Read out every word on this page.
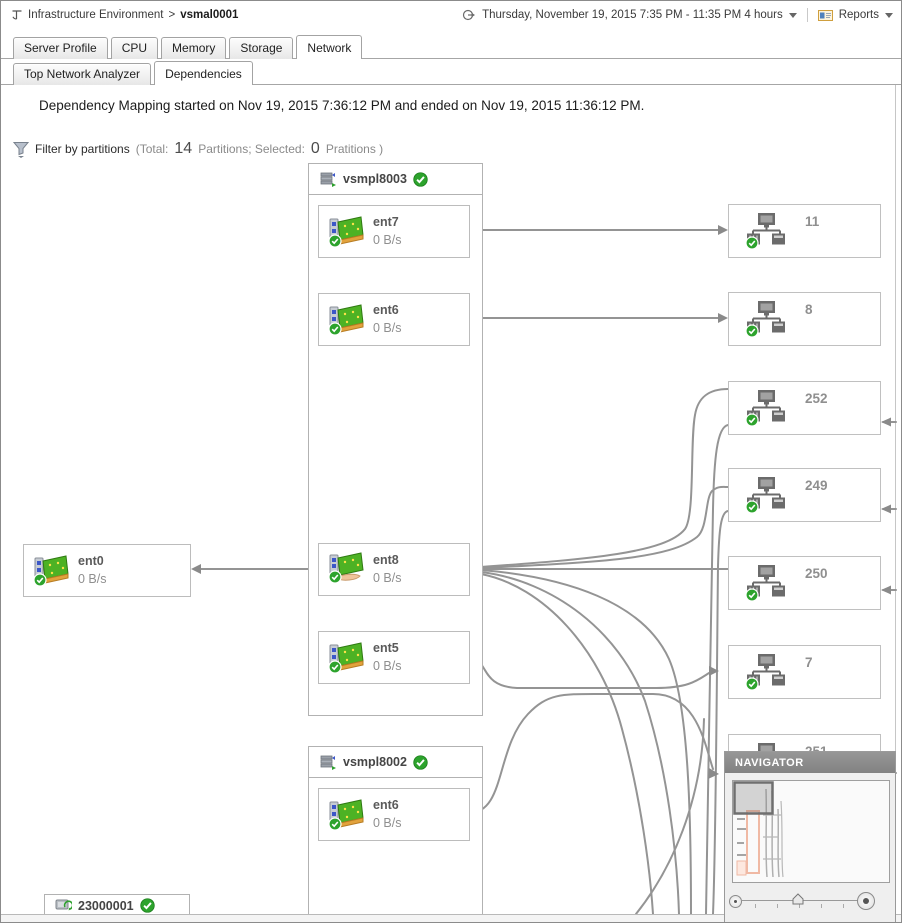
Infrastructure Environment > vsmal0001	Thursday, November 19, 2015 7:35 PM - 11:35 PM 4 hours	Reports
Server Profile	CPU	Memory	Storage	Network
Top Network Analyzer	Dependencies
Dependency Mapping started on Nov 19, 2015 7:36:12 PM and ended on Nov 19, 2015 11:36:12 PM.
Filter by partitions (Total: 14 Partitions; Selected: 0 Pratitions )
vsmpl8003
ent7
0 B/s
ent6
0 B/s
ent8
0 B/s
ent5
0 B/s
ent0
0 B/s
vsmpl8002
ent6
0 B/s
23000001
11
8
252
249
250
7
NAVIGATOR
